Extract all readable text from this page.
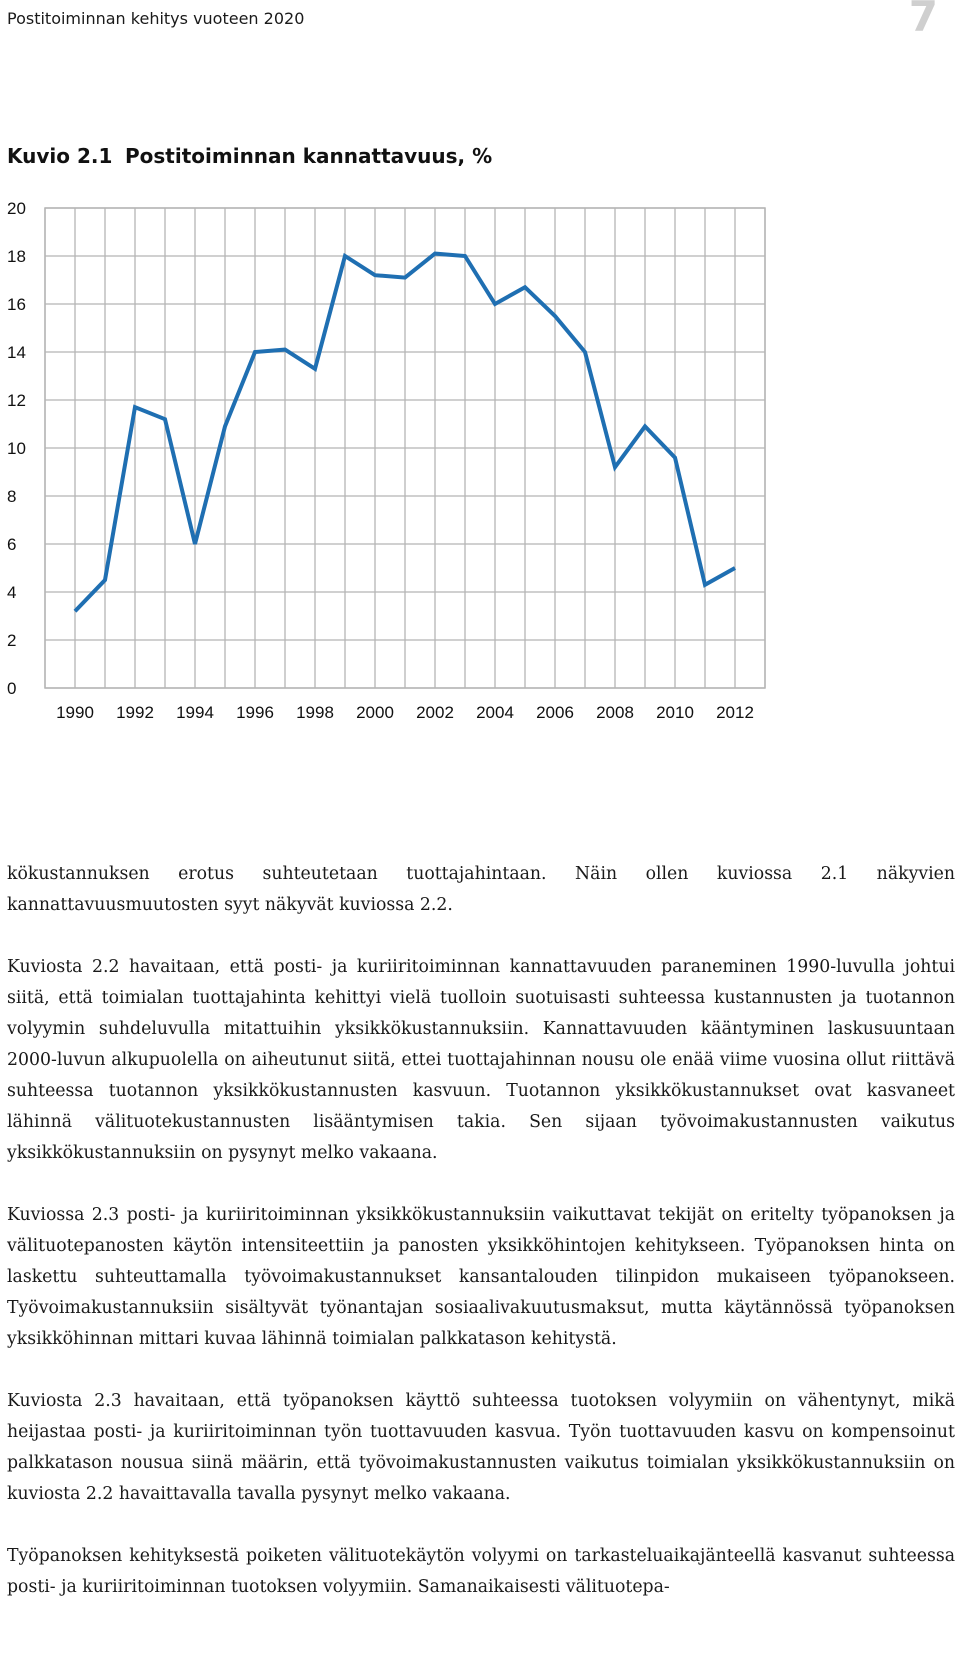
Postitoiminnan kehitys vuoteen 2020	7
Kuvio 2.1 Postitoiminnan kannattavuus, %
0
2
4
6
8
10
12
14
16
18
20
1990 1992 1994 1996 1998 2000 2002 2004 2006 2008 2010 2012

kökustannuksen erotus suhteutetaan tuottajahintaan. Näin ollen kuviossa 2.1 näkyvien kannattavuusmuutosten syyt näkyvät kuviossa 2.2.

Kuviosta 2.2 havaitaan, että posti- ja kuriiritoiminnan kannattavuuden paraneminen 1990-luvulla johtui siitä, että toimialan tuottajahinta kehittyi vielä tuolloin suotuisasti suhteessa kustannusten ja tuotannon volyymin suhdeluvulla mitattuihin yksikkökustannuksiin. Kannattavuuden kääntyminen laskusuuntaan 2000-luvun alkupuolella on aiheutunut siitä, ettei tuottajahinnan nousu ole enää viime vuosina ollut riittävä suhteessa tuotannon yksikkökustannusten kasvuun. Tuotannon yksikkökustannukset ovat kasvaneet lähinnä välituotekustannusten lisääntymisen takia. Sen sijaan työvoimakustannusten vaikutus yksikkökustannuksiin on pysynyt melko vakaana.

Kuviossa 2.3 posti- ja kuriiritoiminnan yksikkökustannuksiin vaikuttavat tekijät on eritelty työpanoksen ja välituotepanosten käytön intensiteettiin ja panosten yksikköhintojen kehitykseen. Työpanoksen hinta on laskettu suhteuttamalla työvoimakustannukset kansantalouden tilinpidon mukaiseen työpanokseen. Työvoimakustannuksiin sisältyvät työnantajan sosiaalivakuutusmaksut, mutta käytännössä työpanoksen yksikköhinnan mittari kuvaa lähinnä toimialan palkkatason kehitystä.

Kuviosta 2.3 havaitaan, että työpanoksen käyttö suhteessa tuotoksen volyymiin on vähentynyt, mikä heijastaa posti- ja kuriiritoiminnan työn tuottavuuden kasvua. Työn tuottavuuden kasvu on kompensoinut palkkatason nousua siinä määrin, että työvoimakustannusten vaikutus toimialan yksikkökustannuksiin on kuviosta 2.2 havaittavalla tavalla pysynyt melko vakaana.

Työpanoksen kehityksestä poiketen välituotekäytön volyymi on tarkasteluaikajänteellä kasvanut suhteessa posti- ja kuriiritoiminnan tuotoksen volyymiin. Samanaikaisesti välituotepa-
